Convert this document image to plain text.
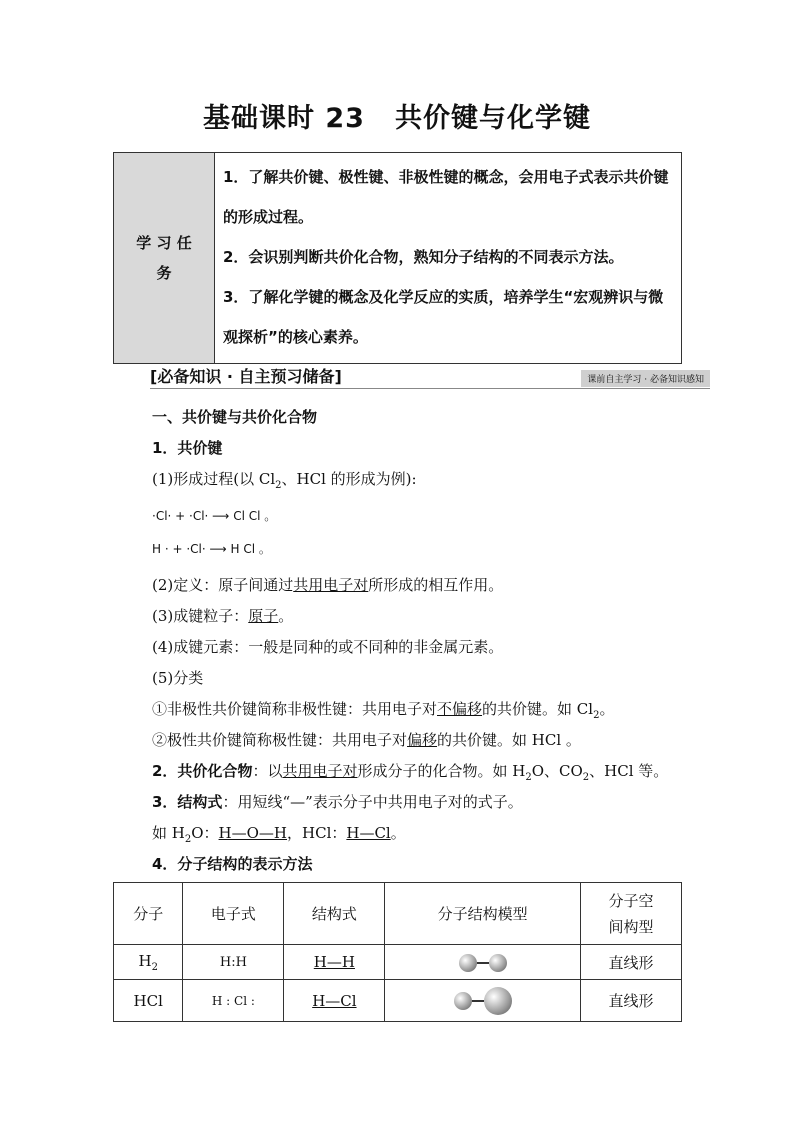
基础课时 23 共价键与化学键
学 习 任
务

1．了解共价键、极性键、非极性键的概念，会用电子式表示共价键的形成过程。
2．会识别判断共价化合物，熟知分子结构的不同表示方法。
3．了解化学键的概念及化学反应的实质，培养学生“宏观辨识与微观探析”的核心素养。
[必备知识 · 自主预习储备]	课前自主学习 · 必备知识感知
一、共价键与共价化合物
1．共价键
(1)形成过程(以 $Cl_2$、HCl 的形成为例):
·Cl· + ·Cl· ⟶ Cl Cl 。
H · + ·Cl· ⟶ H Cl 。
(2)定义：原子间通过共用电子对所形成的相互作用。
(3)成键粒子：原子。
(4)成键元素：一般是同种的或不同种的非金属元素。
(5)分类
①非极性共价键简称非极性键：共用电子对不偏移的共价键。如 $Cl_2$。
②极性共价键简称极性键：共用电子对偏移的共价键。如 HCl 。
2．共价化合物：以共用电子对形成分子的化合物。如 $H_2O$、$CO_2$、HCl 等。
3．结构式：用短线“—”表示分子中共用电子对的式子。
如 $H_2O$：H—O—H，HCl：H—Cl。
4．分子结构的表示方法
分子	电子式	结构式	分子结构模型	分子空
间构型

$H_2$	H:H	H—H		直线形
HCl	H : Cl :	H—Cl		直线形
